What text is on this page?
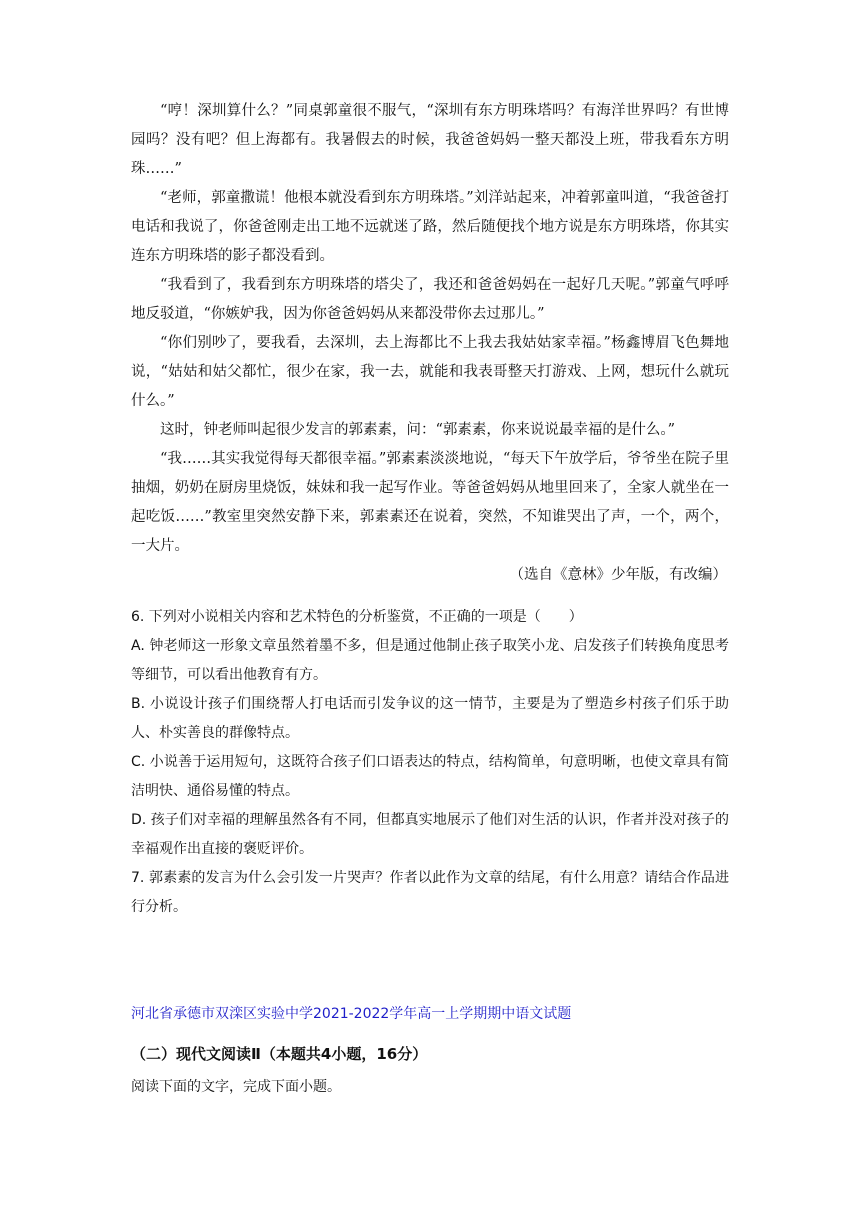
“哼！深圳算什么？”同桌郭童很不服气，“深圳有东方明珠塔吗？有海洋世界吗？有世博园吗？没有吧？但上海都有。我暑假去的时候，我爸爸妈妈一整天都没上班，带我看东方明珠……”

“老师，郭童撒谎！他根本就没看到东方明珠塔。”刘洋站起来，冲着郭童叫道，“我爸爸打电话和我说了，你爸爸刚走出工地不远就迷了路，然后随便找个地方说是东方明珠塔，你其实连东方明珠塔的影子都没看到。

“我看到了，我看到东方明珠塔的塔尖了，我还和爸爸妈妈在一起好几天呢。”郭童气呼呼地反驳道，“你嫉妒我，因为你爸爸妈妈从来都没带你去过那儿。”

“你们别吵了，要我看，去深圳，去上海都比不上我去我姑姑家幸福。”杨鑫博眉飞色舞地说，“姑姑和姑父都忙，很少在家，我一去，就能和我表哥整天打游戏、上网，想玩什么就玩什么。”

这时，钟老师叫起很少发言的郭素素，问：“郭素素，你来说说最幸福的是什么。”

“我……其实我觉得每天都很幸福。”郭素素淡淡地说，“每天下午放学后，爷爷坐在院子里抽烟，奶奶在厨房里烧饭，妹妹和我一起写作业。等爸爸妈妈从地里回来了，全家人就坐在一起吃饭……”教室里突然安静下来，郭素素还在说着，突然，不知谁哭出了声，一个，两个，一大片。

（选自《意林》少年版，有改编）

6. 下列对小说相关内容和艺术特色的分析鉴赏，不正确的一项是（　　）

A. 钟老师这一形象文章虽然着墨不多，但是通过他制止孩子取笑小龙、启发孩子们转换角度思考等细节，可以看出他教育有方。

B. 小说设计孩子们围绕帮人打电话而引发争议的这一情节，主要是为了塑造乡村孩子们乐于助人、朴实善良的群像特点。

C. 小说善于运用短句，这既符合孩子们口语表达的特点，结构简单，句意明晰，也使文章具有简洁明快、通俗易懂的特点。

D. 孩子们对幸福的理解虽然各有不同，但都真实地展示了他们对生活的认识，作者并没对孩子的幸福观作出直接的褒贬评价。

7. 郭素素的发言为什么会引发一片哭声？作者以此作为文章的结尾，有什么用意？请结合作品进行分析。

河北省承德市双滦区实验中学2021-2022学年高一上学期期中语文试题
（二）现代文阅读Ⅱ（本题共4小题，16分）
阅读下面的文字，完成下面小题。
